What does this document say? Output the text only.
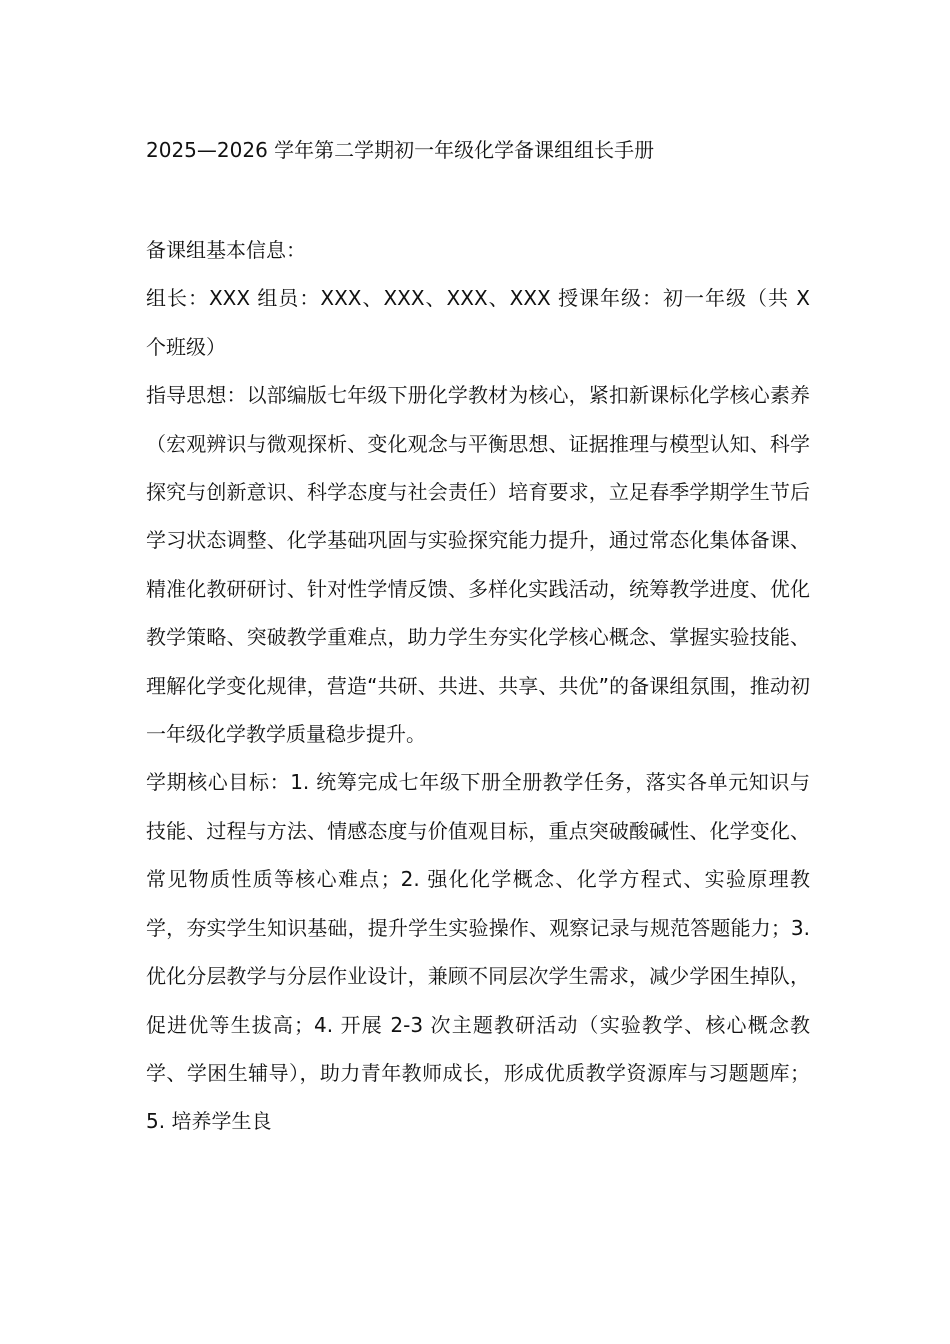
2025—2026 学年第二学期初一年级化学备课组组长手册

备课组基本信息：

组长：XXX 组员：XXX、XXX、XXX、XXX 授课年级：初一年级（共 X 个班级）

指导思想：以部编版七年级下册化学教材为核心，紧扣新课标化学核心素养（宏观辨识与微观探析、变化观念与平衡思想、证据推理与模型认知、科学探究与创新意识、科学态度与社会责任）培育要求，立足春季学期学生节后学习状态调整、化学基础巩固与实验探究能力提升，通过常态化集体备课、精准化教研研讨、针对性学情反馈、多样化实践活动，统筹教学进度、优化教学策略、突破教学重难点，助力学生夯实化学核心概念、掌握实验技能、理解化学变化规律，营造“共研、共进、共享、共优”的备课组氛围，推动初一年级化学教学质量稳步提升。

学期核心目标：1. 统筹完成七年级下册全册教学任务，落实各单元知识与技能、过程与方法、情感态度与价值观目标，重点突破酸碱性、化学变化、常见物质性质等核心难点；2. 强化化学概念、化学方程式、实验原理教学，夯实学生知识基础，提升学生实验操作、观察记录与规范答题能力；3. 优化分层教学与分层作业设计，兼顾不同层次学生需求，减少学困生掉队，促进优等生拔高；4. 开展 2-3 次主题教研活动（实验教学、核心概念教学、学困生辅导），助力青年教师成长，形成优质教学资源库与习题题库；5. 培养学生良
